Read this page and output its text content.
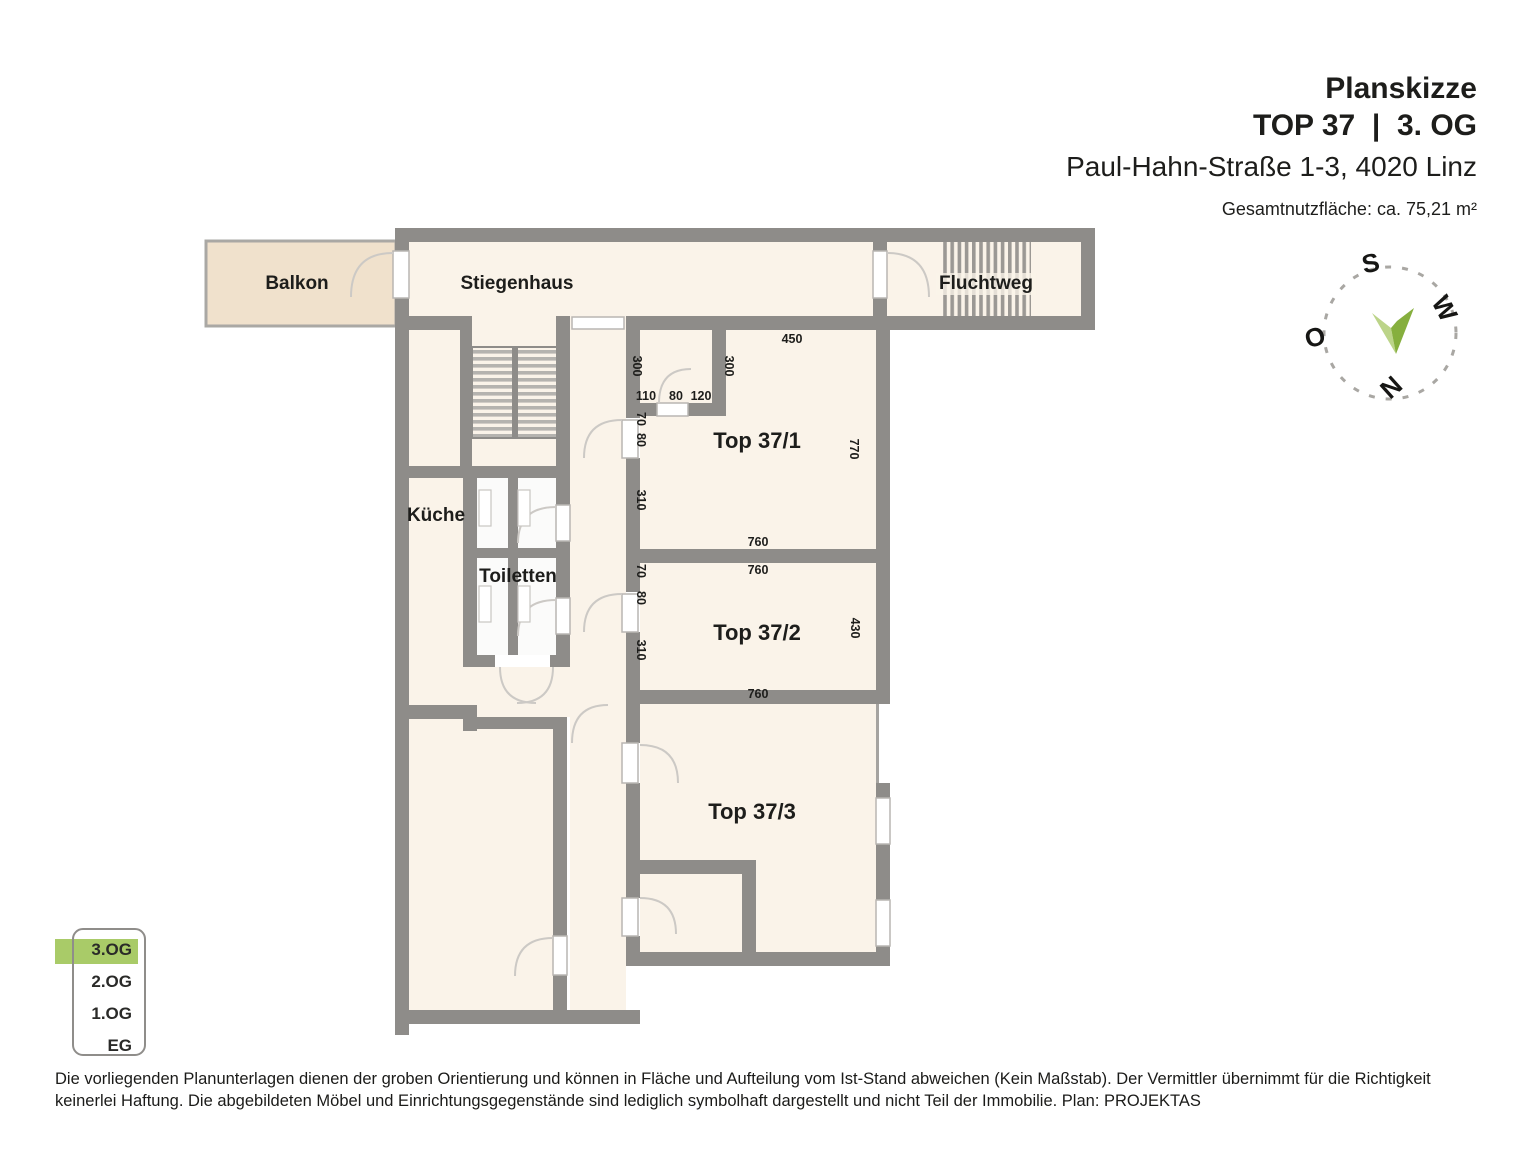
Planskizze
TOP 37  |  3. OG
Paul-Hahn-Straße 1-3, 4020 Linz
Gesamtnutzfläche: ca. 75,21 m²
Balkon	Stiegenhaus	Fluchtweg
Küche
Toiletten
Top 37/1
Top 37/2
Top 37/3
450
300	300
110 80 120
70
80
310
770
760
760
70
80
310
430
760
S
W
O
N
3.OG
2.OG
1.OG
EG
Die vorliegenden Planunterlagen dienen der groben Orientierung und können in Fläche und Aufteilung vom Ist-Stand abweichen (Kein Maßstab). Der Vermittler übernimmt für die Richtigkeit
keinerlei Haftung. Die abgebildeten Möbel und Einrichtungsgegenstände sind lediglich symbolhaft dargestellt und nicht Teil der Immobilie. Plan: PROJEKTAS
